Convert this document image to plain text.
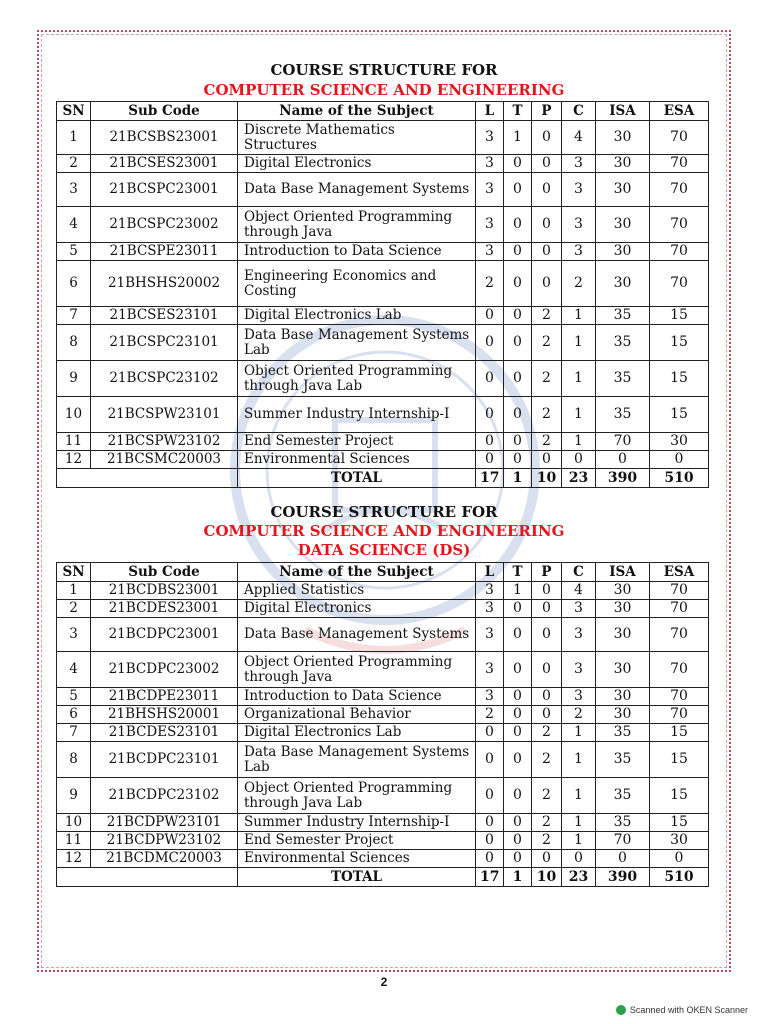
COURSE STRUCTURE FOR
COMPUTER SCIENCE AND ENGINEERING
SN	Sub Code	Name of the Subject	L	T	P	C	ISA	ESA
1	21BCSBS23001	Discrete Mathematics Structures	3	1	0	4	30	70
2	21BCSES23001	Digital Electronics	3	0	0	3	30	70
3	21BCSPC23001	Data Base Management Systems	3	0	0	3	30	70
4	21BCSPC23002	Object Oriented Programming through Java	3	0	0	3	30	70
5	21BCSPE23011	Introduction to Data Science	3	0	0	3	30	70
6	21BHSHS20002	Engineering Economics and Costing	2	0	0	2	30	70
7	21BCSES23101	Digital Electronics Lab	0	0	2	1	35	15
8	21BCSPC23101	Data Base Management Systems Lab	0	0	2	1	35	15
9	21BCSPC23102	Object Oriented Programming through Java Lab	0	0	2	1	35	15
10	21BCSPW23101	Summer Industry Internship-I	0	0	2	1	35	15
11	21BCSPW23102	End Semester Project	0	0	2	1	70	30
12	21BCSMC20003	Environmental Sciences	0	0	0	0	0	0
		TOTAL	17	1	10	23	390	510
COURSE STRUCTURE FOR
COMPUTER SCIENCE AND ENGINEERING
DATA SCIENCE (DS)
SN	Sub Code	Name of the Subject	L	T	P	C	ISA	ESA
1	21BCDBS23001	Applied Statistics	3	1	0	4	30	70
2	21BCDES23001	Digital Electronics	3	0	0	3	30	70
3	21BCDPC23001	Data Base Management Systems	3	0	0	3	30	70
4	21BCDPC23002	Object Oriented Programming through Java	3	0	0	3	30	70
5	21BCDPE23011	Introduction to Data Science	3	0	0	3	30	70
6	21BHSHS20001	Organizational Behavior	2	0	0	2	30	70
7	21BCDES23101	Digital Electronics Lab	0	0	2	1	35	15
8	21BCDPC23101	Data Base Management Systems Lab	0	0	2	1	35	15
9	21BCDPC23102	Object Oriented Programming through Java Lab	0	0	2	1	35	15
10	21BCDPW23101	Summer Industry Internship-I	0	0	2	1	35	15
11	21BCDPW23102	End Semester Project	0	0	2	1	70	30
12	21BCDMC20003	Environmental Sciences	0	0	0	0	0	0
		TOTAL	17	1	10	23	390	510
2
Scanned with OKEN Scanner
